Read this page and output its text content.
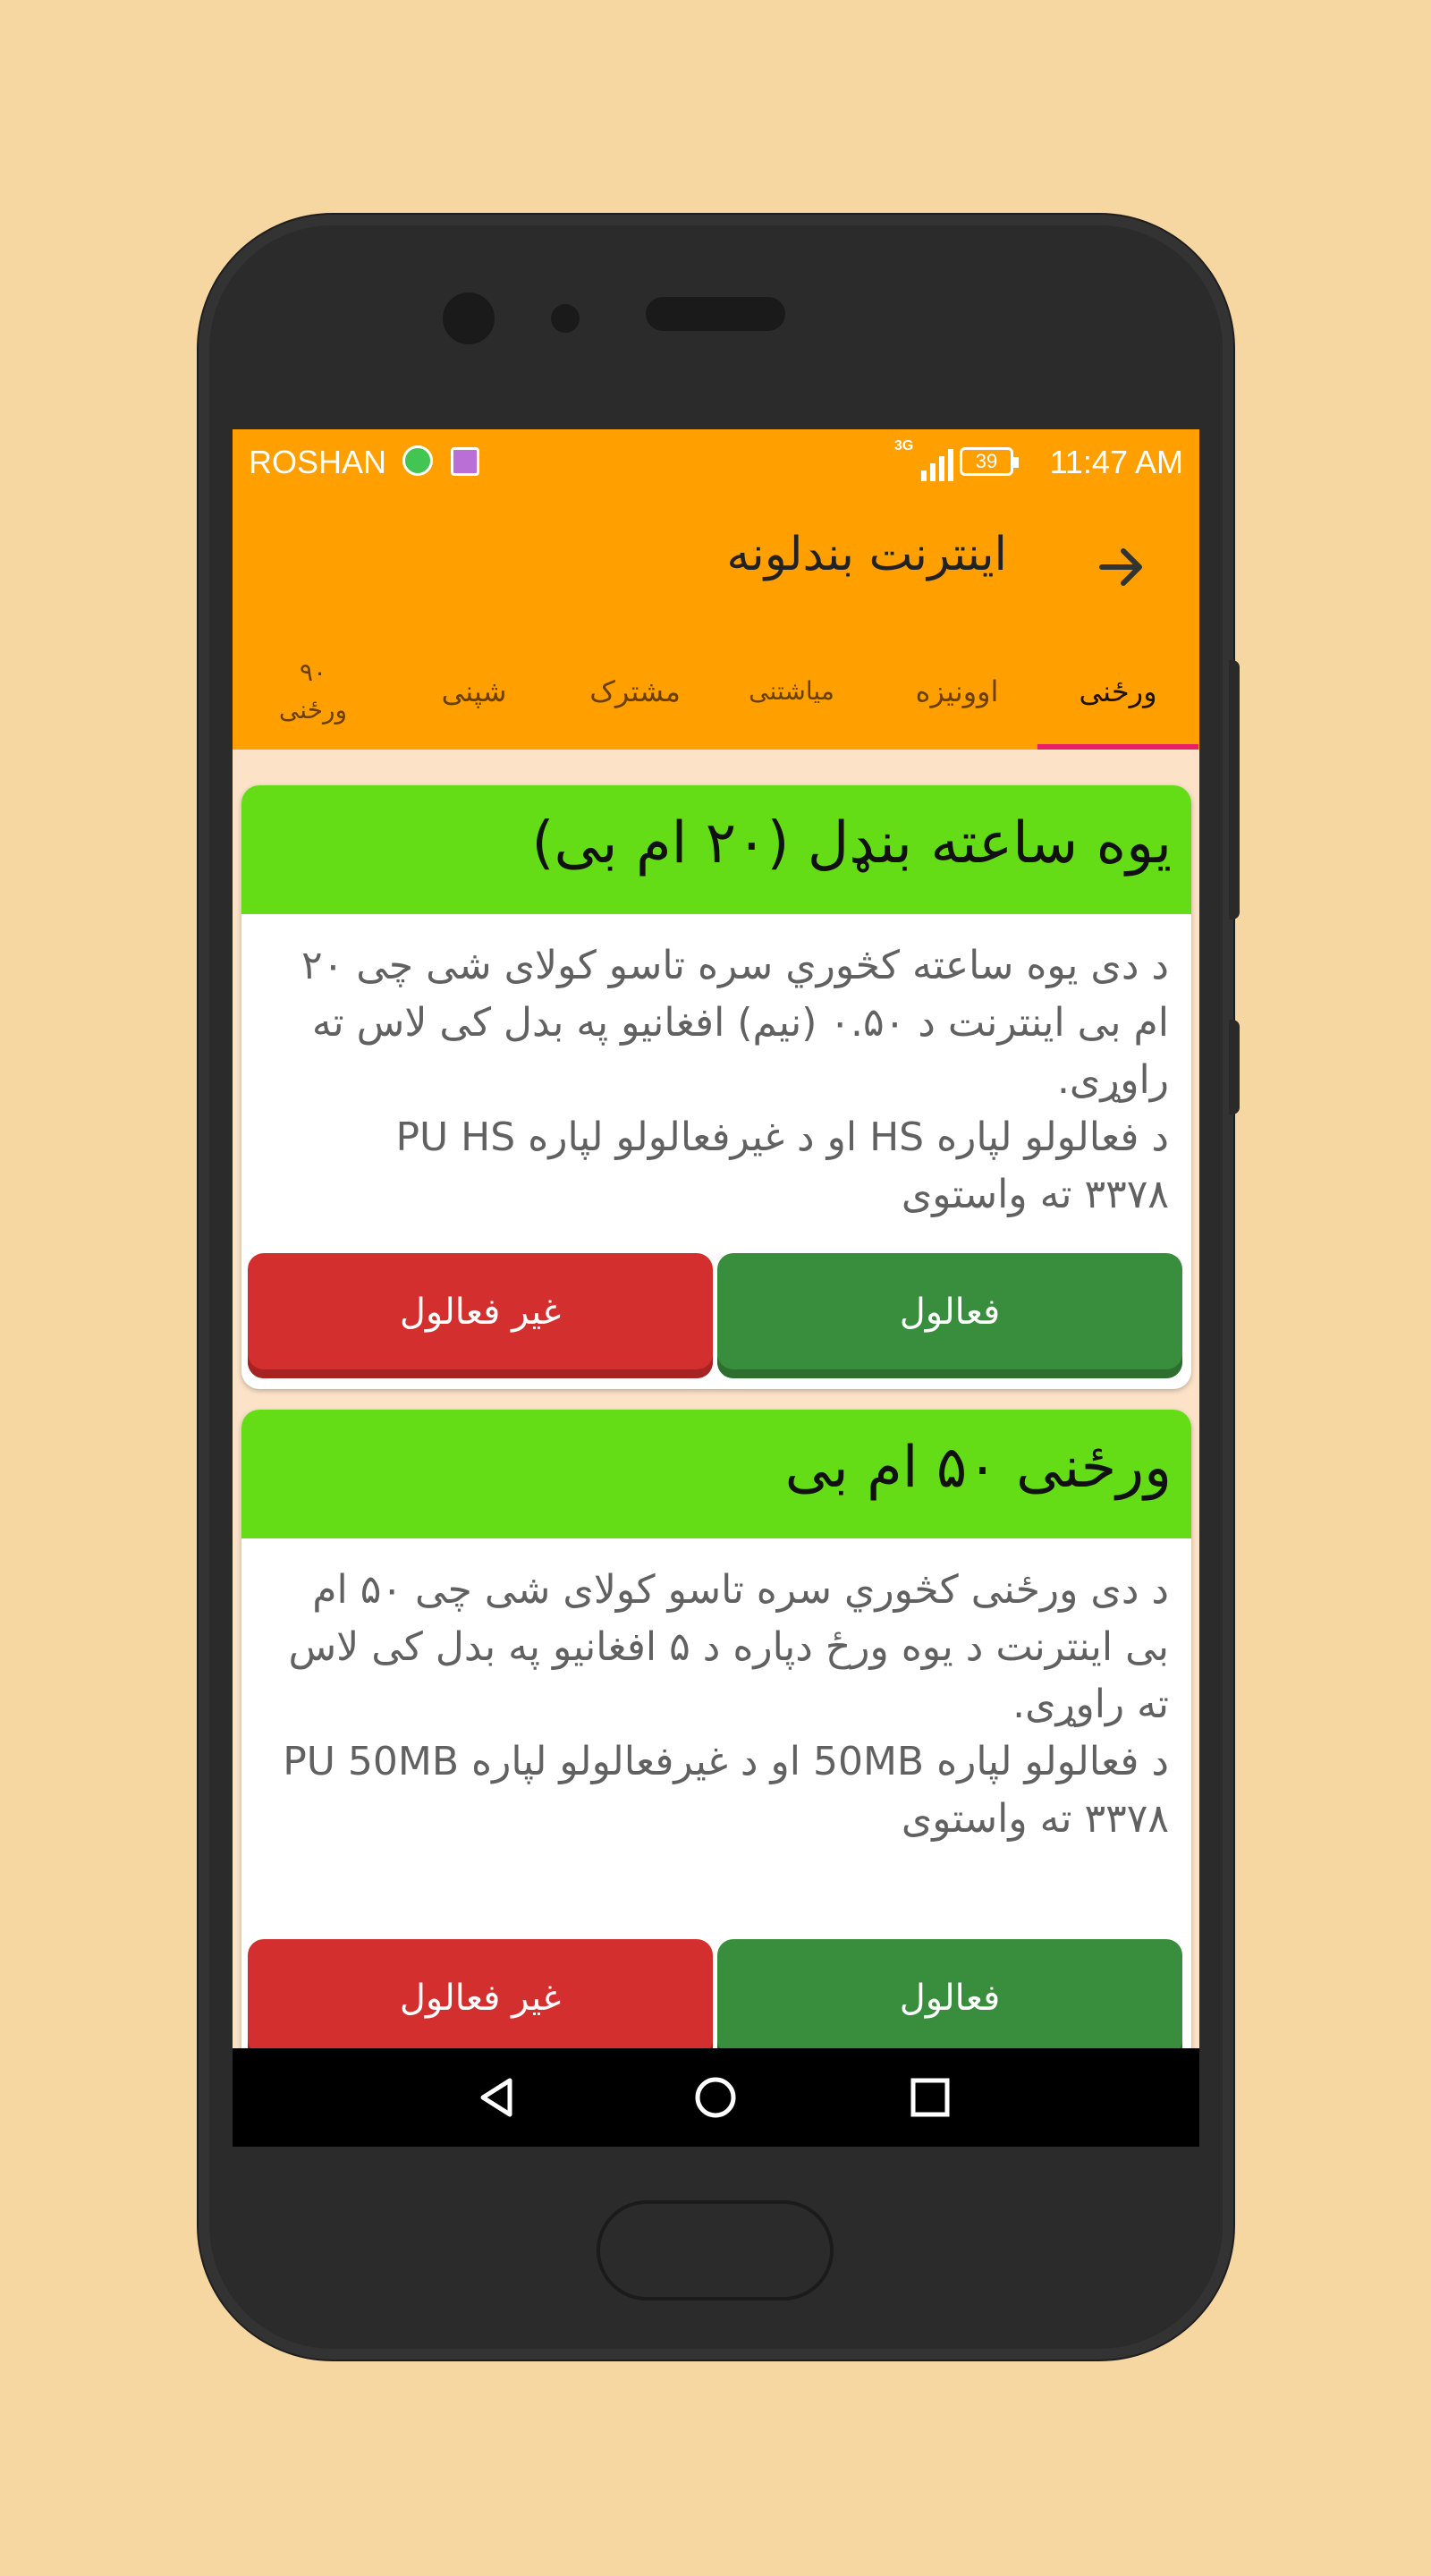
ROSHAN	3G
39	11:47 AM
اینترنت بندلونه
ورځنی
اوونیزه
میاشتنی
مشترک
شپنی
۹۰ ورځنی
یوه ساعته بنډل (۲۰ ام بی)
د دی یوه ساعته کڅوري سره تاسو کولای شی چی ۲۰ ام بی اینترنت د ۰.۵۰ (نیم) افغانیو په بدل کی لاس ته راوړی.
د فعالولو لپاره HS او د غیرفعالولو لپاره PU HS
۳۳۷۸ ته واستوی
فعالول
غیر فعالول
ورځنی ۵۰ ام بی
د دی ورځنی کڅوري سره تاسو کولای شی چی ۵۰ ام بی اینترنت د یوه ورځ دپاره د ۵ افغانیو په بدل کی لاس ته راوړی.
د فعالولو لپاره 50MB او د غیرفعالولو لپاره PU 50MB
۳۳۷۸ ته واستوی
فعالول
غیر فعالول
